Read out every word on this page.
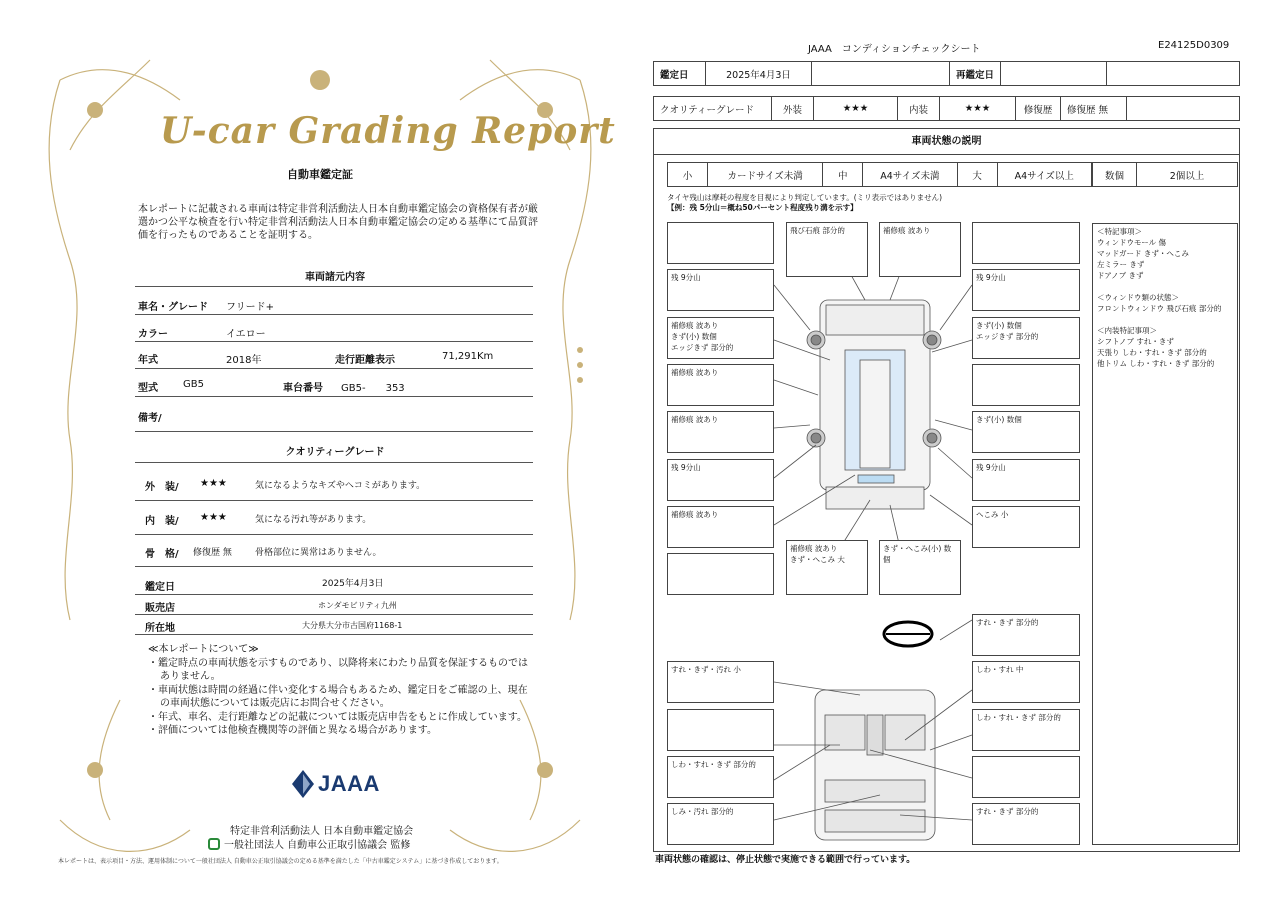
U-car Grading Report
自動車鑑定証
本レポートに記載される車両は特定非営利活動法人日本自動車鑑定協会の資格保有者が厳選かつ公平な検査を行い特定非営利活動法人日本自動車鑑定協会の定める基準にて品質評価を行ったものであることを証明する。
車両諸元内容
車名・グレード フリード+
カラー	イエロー
年式	2018年	走行距離表示	71,291Km
型式	GB5	車台番号 GB5-　　353
備考/
クオリティーグレード
外　装/ ★★★	気になるようなキズやヘコミがあります。
内　装/ ★★★	気になる汚れ等があります。
骨　格/ 修復歴 無	骨格部位に異常はありません。
鑑定日	2025年4月3日
販売店	ホンダモビリティ九州
所在地	大分県大分市古国府1168-1
≪本レポートについて≫
・鑑定時点の車両状態を示すものであり、以降将来にわたり品質を保証するものではありません。
・車両状態は時間の経過に伴い変化する場合もあるため、鑑定日をご確認の上、現在の車両状態については販売店にお問合せください。
・年式、車名、走行距離などの記載については販売店申告をもとに作成しています。
・評価については他検査機関等の評価と異なる場合があります。
JAAA
特定非営利活動法人 日本自動車鑑定協会
一般社団法人 自動車公正取引協議会 監修
本レポートは、表示項目・方法、運用体制について一般社団法人 自動車公正取引協議会の定める基準を満たした「中古車鑑定システム」に基づき作成しております。
JAAA　コンディションチェックシート	E24125D0309
鑑定日	2025年4月3日		再鑑定日		
クオリティーグレード	外装	★★★	内装	★★★	修復歴	修復歴 無	
車両状態の説明
小	カードサイズ未満	中	A4サイズ未満	大	A4サイズ以上	数個	2個以上
タイヤ残山は摩耗の程度を目視により判定しています。(ミリ表示ではありません)
【例：残 5分山＝概ね50パーセント程度残り溝を示す】
残 9分山
補修痕 波あり
きず(小) 数個
エッジきず 部分的
補修痕 波あり
補修痕 波あり
残 9分山
補修痕 波あり
飛び石痕 部分的	補修痕 波あり
残 9分山
きず(小) 数個
エッジきず 部分的
きず(小) 数個
残 9分山
へこみ 小
補修痕 波あり
きず・へこみ 大
きず・へこみ(小) 数個
すれ・きず 部分的
すれ・きず・汚れ 小	しわ・すれ 中
しわ・すれ・きず 部分的
しわ・すれ・きず 部分的
しみ・汚れ 部分的	すれ・きず 部分的

＜特記事項＞
ウィンドウモール 傷
マッドガード きず・へこみ
左ミラー きず
ドアノブ きず

＜ウィンドウ類の状態＞
フロントウィンドウ 飛び石痕 部分的

＜内装特記事項＞
シフトノブ すれ・きず
天張り しわ・すれ・きず 部分的
他トリム しわ・すれ・きず 部分的

車両状態の確認は、停止状態で実施できる範囲で行っています。
